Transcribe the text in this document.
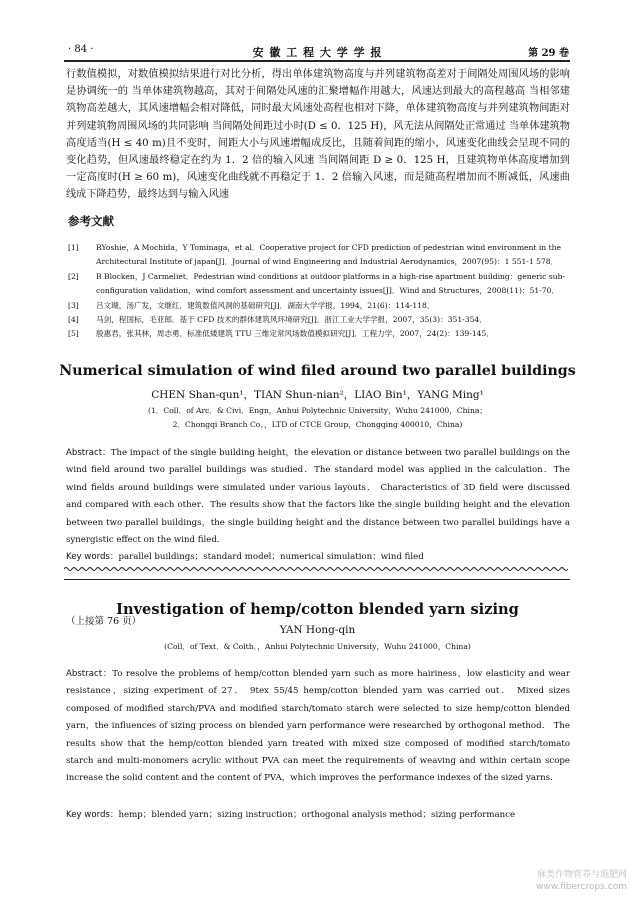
· 84 ·	安 徽 工 程 大 学 学 报	第 29 卷
行数值模拟，对数值模拟结果进行对比分析，得出单体建筑物高度与并列建筑物高差对于间隔处周围风场的影响是协调统一的 当单体建筑物越高，其对于间隔处风速的汇聚增幅作用越大，风速达到最大的高程越高 当相邻建筑物高差越大，其风速增幅会相对降低，同时最大风速处高程也相对下降，单体建筑物高度与并列建筑物间距对并列建筑物周围风场的共同影响 当间隔处间距过小时(D ≤ 0．125 H)，风无法从间隔处正常通过 当单体建筑物高度适当(H ≤ 40 m)且不变时，间距大小与风速增幅成反比，且随着间距的缩小，风速变化曲线会呈现不同的变化趋势，但风速最终稳定在约为 1．2 倍的输入风速 当间隔间距 D ≥ 0．125 H，且建筑物单体高度增加到一定高度时(H ≥ 60 m)，风速变化曲线就不再稳定于 1．2 倍输入风速，而是随高程增加而不断减低，风速曲线成下降趋势，最终达到与输入风速
参考文献
[1]	RYoshie，A Mochida，Y Tominaga，et al．Cooperative project for CFD prediction of pedestrian wind environment in the Architectural Institute of japan[J]．Journal of wind Engineering and Industrial Aerodynamics，2007(95)：1 551-1 578．
[2]	B Blocken，J Carmeliet．Pedestrian wind conditions at outdoor platforms in a high-rise apartment building：generic sub-configuration validation，wind comfort assessment and uncertainty issues[J]．Wind and Structures，2008(11)：51-70．
[3]	吕文瑚，汤广发，文继红．建筑数值风洞的基础研究[J]．湖南大学学报，1994，21(6)：114-118．
[4]	马剑，程国标，毛亚郎．基于 CFD 技术的群体建筑风环境研究[J]．浙江工业大学学报，2007，35(3)：351-354．
[5]	殷惠君，张其林，周志勇．标准低矮建筑 TTU 三维定常风场数值模拟研究[J]．工程力学，2007，24(2)：139-145．
Numerical simulation of wind filed around two parallel buildings
CHEN Shan-qun¹，TIAN Shun-nian²，LIAO Bin¹，YANG Ming¹
(1．Coll．of Arc．& Civi．Engn，Anhui Polytechnic University，Wuhu 241000，China；
2．Chongqi Branch Co．，LTD of CTCE Group，Chongqing 400010，China)
Abstract：The impact of the single building height，the elevation or distance between two parallel buildings on the wind field around two parallel buildings was studied．The standard model was applied in the calculation．The wind fields around buildings were simulated under various layouts． Characteristics of 3D field were discussed and compared with each other．The results show that the factors like the single building height and the elevation between two parallel buildings，the single building height and the distance between two parallel buildings have a synergistic effect on the wind filed．
Key words：parallel buildings；standard model；numerical simulation；wind filed
（上接第 76 页）
Investigation of hemp/cotton blended yarn sizing
YAN Hong-qin
(Coll．of Text．& Colth．，Anhui Polytechnic University，Wuhu 241000，China)
Abstract：To resolve the problems of hemp/cotton blended yarn such as more hairiness，low elasticity and wear resistance，sizing experiment of 27． 9tex 55/45 hemp/cotton blended yarn was carried out． Mixed sizes composed of modified starch/PVA and modified starch/tomato starch were selected to size hemp/cotton blended yarn，the influences of sizing process on blended yarn performance were researched by orthogonal method． The results show that the hemp/cotton blended yarn treated with mixed size composed of modified starch/tomato starch and multi-monomers acrylic without PVA can meet the requirements of weaving and within certain scope increase the solid content and the content of PVA，which improves the performance indexes of the sized yarns．
Key words：hemp；blended yarn；sizing instruction；orthogonal analysis method；sizing performance
麻类作物营养与施肥网
www.fibercrops.com
